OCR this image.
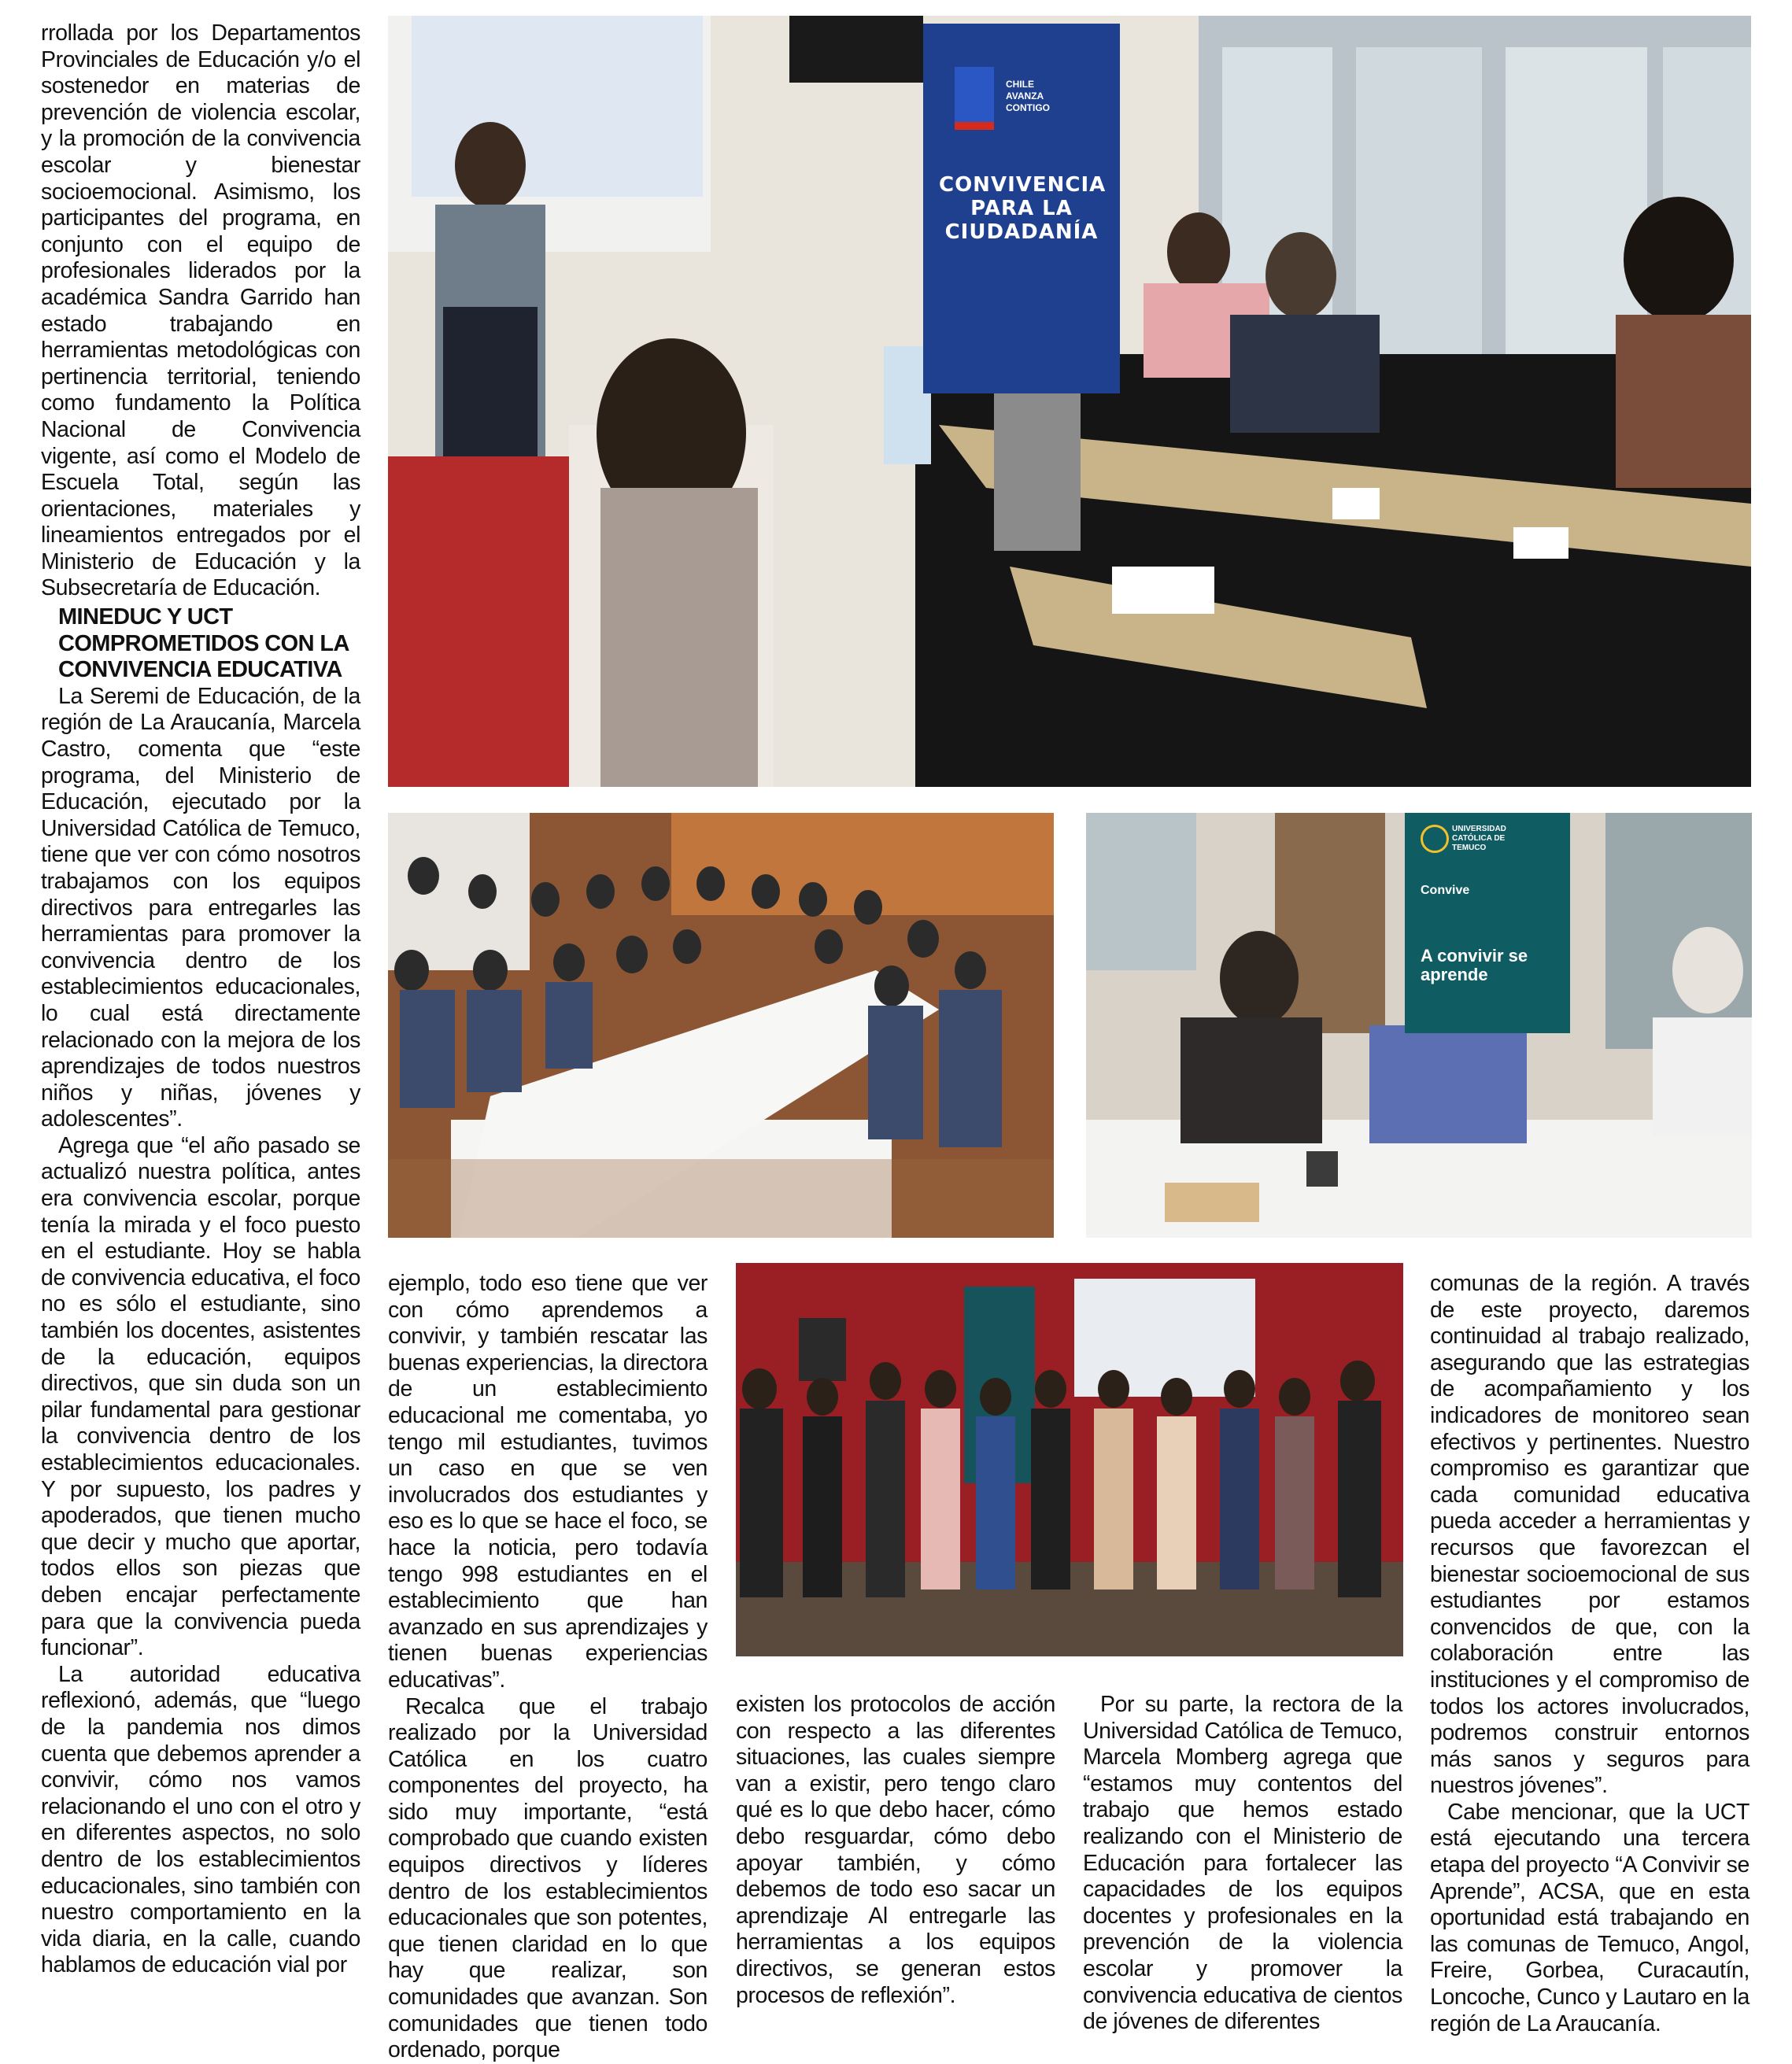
rrollada por los Departamentos Provinciales de Educación y/o el sostenedor en materias de prevención de violencia escolar, y la promoción de la convivencia escolar y bienestar socioemocional. Asimismo, los participantes del programa, en conjunto con el equipo de profesionales liderados por la académica Sandra Garrido han estado trabajando en herramientas metodológicas con pertinencia territorial, teniendo como fundamento la Política Nacional de Convivencia vigente, así como el Modelo de Escuela Total, según las orientaciones, materiales y lineamientos entregados por el Ministerio de Educación y la Subsecretaría de Educación.

MINEDUC Y UCT COMPROMETIDOS CON LA CONVIVENCIA EDUCATIVA

La Seremi de Educación, de la región de La Araucanía, Marcela Castro, comenta que “este programa, del Ministerio de Educación, ejecutado por la Universidad Católica de Temuco, tiene que ver con cómo nosotros trabajamos con los equipos directivos para entregarles las herramientas para promover la convivencia dentro de los establecimientos educacionales, lo cual está directamente relacionado con la mejora de los aprendizajes de todos nuestros niños y niñas, jóvenes y adolescentes”.

Agrega que “el año pasado se actualizó nuestra política, antes era convivencia escolar, porque tenía la mirada y el foco puesto en el estudiante. Hoy se habla de convivencia educativa, el foco no es sólo el estudiante, sino también los docentes, asistentes de la educación, equipos directivos, que sin duda son un pilar fundamental para gestionar la convivencia dentro de los establecimientos educacionales. Y por supuesto, los padres y apoderados, que tienen mucho que decir y mucho que aportar, todos ellos son piezas que deben encajar perfectamente para que la convivencia pueda funcionar”.

La autoridad educativa reflexionó, además, que “luego de la pandemia nos dimos cuenta que debemos aprender a convivir, cómo nos vamos relacionando el uno con el otro y en diferentes aspectos, no solo dentro de los establecimientos educacionales, sino también con nuestro comportamiento en la vida diaria, en la calle, cuando hablamos de educación vial por

ejemplo, todo eso tiene que ver con cómo aprendemos a convivir, y también rescatar las buenas experiencias, la directora de un establecimiento educacional me comentaba, yo tengo mil estudiantes, tuvimos un caso en que se ven involucrados dos estudiantes y eso es lo que se hace el foco, se hace la noticia, pero todavía tengo 998 estudiantes en el establecimiento que han avanzado en sus aprendizajes y tienen buenas experiencias educativas”.

Recalca que el trabajo realizado por la Universidad Católica en los cuatro componentes del proyecto, ha sido muy importante, “está comprobado que cuando existen equipos directivos y líderes dentro de los establecimientos educacionales que son potentes, que tienen claridad en lo que hay que realizar, son comunidades que avanzan. Son comunidades que tienen todo ordenado, porque

existen los protocolos de acción con respecto a las diferentes situaciones, las cuales siempre van a existir, pero tengo claro qué es lo que debo hacer, cómo debo resguardar, cómo debo apoyar también, y cómo debemos de todo eso sacar un aprendizaje Al entregarle las herramientas a los equipos directivos, se generan estos procesos de reflexión”.

Por su parte, la rectora de la Universidad Católica de Temuco, Marcela Momberg agrega que “estamos muy contentos del trabajo que hemos estado realizando con el Ministerio de Educación para fortalecer las capacidades de los equipos docentes y profesionales en la prevención de la violencia escolar y promover la convivencia educativa de cientos de jóvenes de diferentes

comunas de la región. A través de este proyecto, daremos continuidad al trabajo realizado, asegurando que las estrategias de acompañamiento y los indicadores de monitoreo sean efectivos y pertinentes. Nuestro compromiso es garantizar que cada comunidad educativa pueda acceder a herramientas y recursos que favorezcan el bienestar socioemocional de sus estudiantes por estamos convencidos de que, con la colaboración entre las instituciones y el compromiso de todos los actores involucrados, podremos construir entornos más sanos y seguros para nuestros jóvenes”.

Cabe mencionar, que la UCT está ejecutando una tercera etapa del proyecto “A Convivir se Aprende”, ACSA, que en esta oportunidad está trabajando en las comunas de Temuco, Angol, Freire, Gorbea, Curacautín, Loncoche, Cunco y Lautaro en la región de La Araucanía.

CHILE
AVANZA
CONTIGO
CONVIVENCIA PARA LA CIUDADANÍA
UNIVERSIDAD CATÓLICA DE TEMUCO
Convive
A convivir se aprende
